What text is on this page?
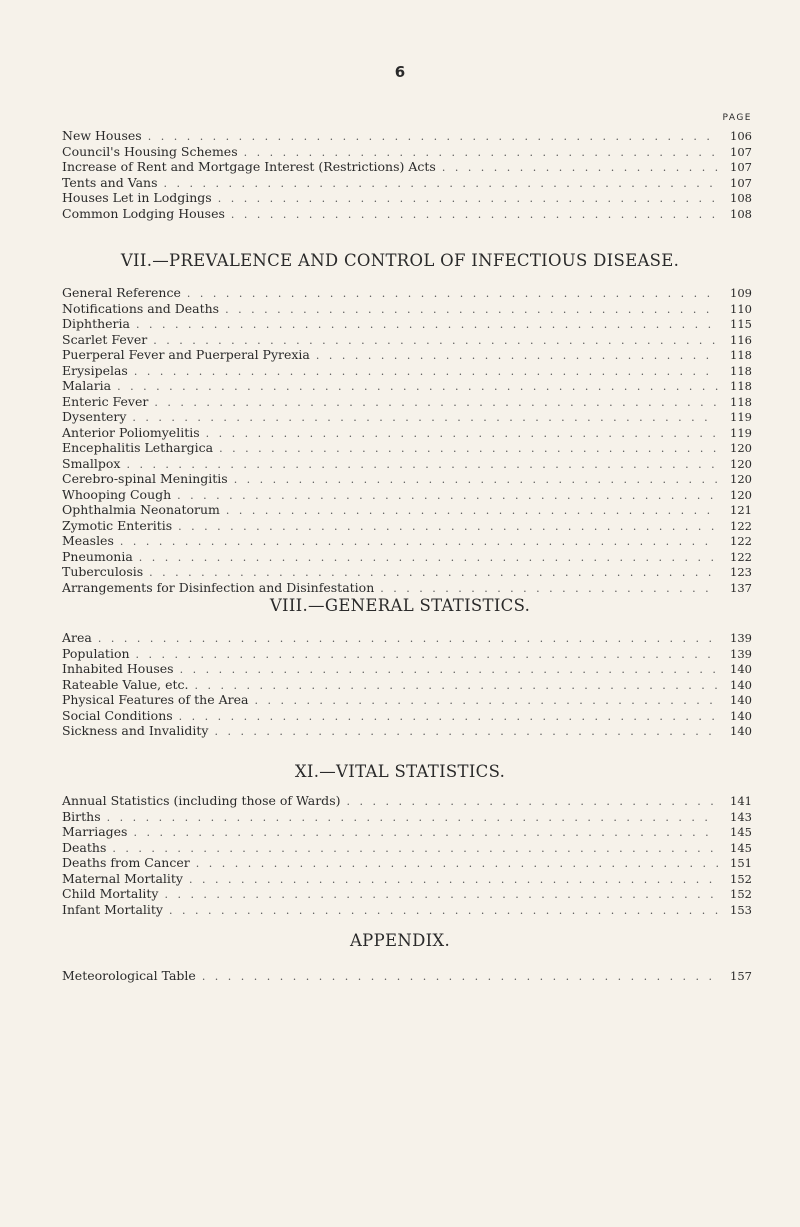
6
PAGE
New Houses . . .	106
Council's Housing Schemes . . .	107
Increase of Rent and Mortgage Interest (Restrictions) Acts . . .	107
Tents and Vans . . .	107
Houses Let in Lodgings . . .	108
Common Lodging Houses . . .	108
VII.—PREVALENCE AND CONTROL OF INFECTIOUS DISEASE.
General Reference . . .	109
Notifications and Deaths . . .	110
Diphtheria . . .	115
Scarlet Fever . . .	116
Puerperal Fever and Puerperal Pyrexia . . .	118
Erysipelas . . .	118
Malaria . . .	118
Enteric Fever . . .	118
Dysentery . . .	119
Anterior Poliomyelitis . . .	119
Encephalitis Lethargica . . .	120
Smallpox . . .	120
Cerebro-spinal Meningitis . . .	120
Whooping Cough . . .	120
Ophthalmia Neonatorum . . .	121
Zymotic Enteritis . . .	122
Measles . . .	122
Pneumonia . . .	122
Tuberculosis . . .	123
Arrangements for Disinfection and Disinfestation . . .	137
VIII.—GENERAL STATISTICS.
Area . . .	139
Population . . .	139
Inhabited Houses . . .	140
Rateable Value, etc. . . .	140
Physical Features of the Area . . .	140
Social Conditions . . .	140
Sickness and Invalidity . . .	140
XI.—VITAL STATISTICS.
Annual Statistics (including those of Wards) . . .	141
Births . . .	143
Marriages . . .	145
Deaths . . .	145
Deaths from Cancer . . .	151
Maternal Mortality . . .	152
Child Mortality . . .	152
Infant Mortality . . .	153
APPENDIX.
Meteorological Table . . .	157
